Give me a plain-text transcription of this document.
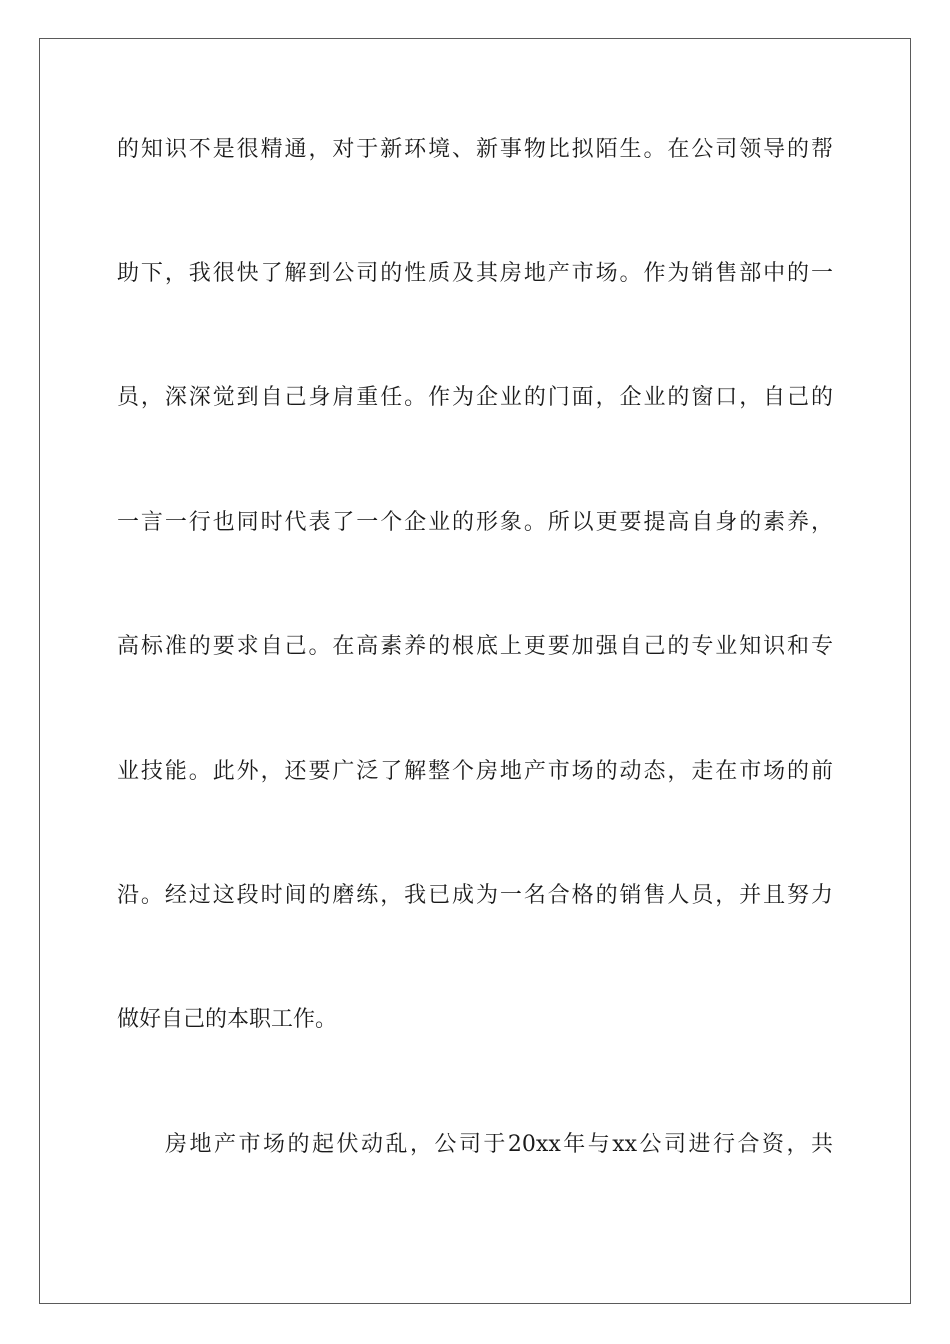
的知识不是很精通，对于新环境、新事物比拟陌生。在公司领导的帮
助下，我很快了解到公司的性质及其房地产市场。作为销售部中的一
员，深深觉到自己身肩重任。作为企业的门面，企业的窗口，自己的
一言一行也同时代表了一个企业的形象。所以更要提高自身的素养，
高标准的要求自己。在高素养的根底上更要加强自己的专业知识和专
业技能。此外，还要广泛了解整个房地产市场的动态，走在市场的前
沿。经过这段时间的磨练，我已成为一名合格的销售人员，并且努力
做好自己的本职工作。
房地产市场的起伏动乱，公司于20xx年与xx公司进行合资，共
